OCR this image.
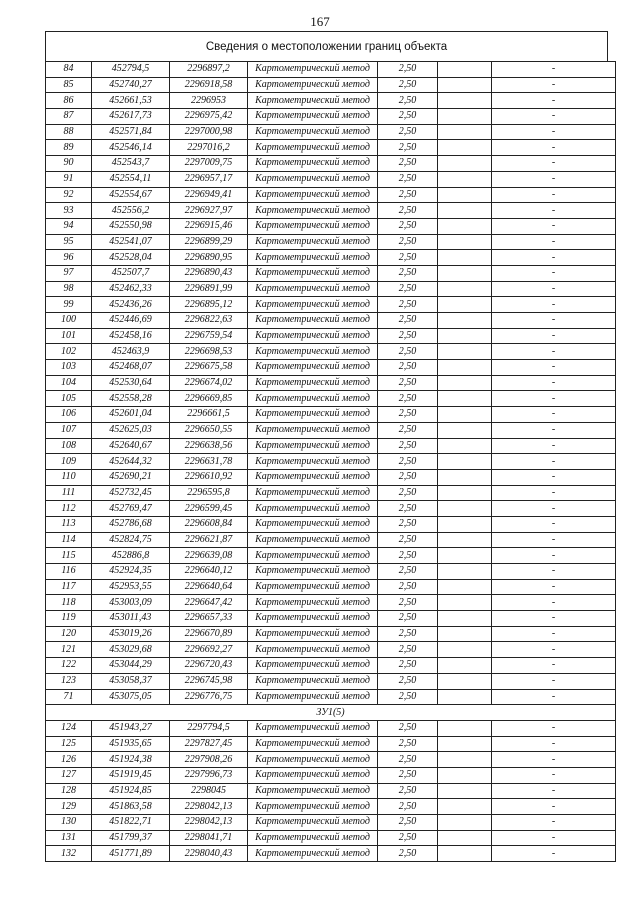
167
Сведения о местоположении границ объекта
84	452794,5	2296897,2	Картометрический метод	2,50		-
85	452740,27	2296918,58	Картометрический метод	2,50		-
86	452661,53	2296953	Картометрический метод	2,50		-
87	452617,73	2296975,42	Картометрический метод	2,50		-
88	452571,84	2297000,98	Картометрический метод	2,50		-
89	452546,14	2297016,2	Картометрический метод	2,50		-
90	452543,7	2297009,75	Картометрический метод	2,50		-
91	452554,11	2296957,17	Картометрический метод	2,50		-
92	452554,67	2296949,41	Картометрический метод	2,50		-
93	452556,2	2296927,97	Картометрический метод	2,50		-
94	452550,98	2296915,46	Картометрический метод	2,50		-
95	452541,07	2296899,29	Картометрический метод	2,50		-
96	452528,04	2296890,95	Картометрический метод	2,50		-
97	452507,7	2296890,43	Картометрический метод	2,50		-
98	452462,33	2296891,99	Картометрический метод	2,50		-
99	452436,26	2296895,12	Картометрический метод	2,50		-
100	452446,69	2296822,63	Картометрический метод	2,50		-
101	452458,16	2296759,54	Картометрический метод	2,50		-
102	452463,9	2296698,53	Картометрический метод	2,50		-
103	452468,07	2296675,58	Картометрический метод	2,50		-
104	452530,64	2296674,02	Картометрический метод	2,50		-
105	452558,28	2296669,85	Картометрический метод	2,50		-
106	452601,04	2296661,5	Картометрический метод	2,50		-
107	452625,03	2296650,55	Картометрический метод	2,50		-
108	452640,67	2296638,56	Картометрический метод	2,50		-
109	452644,32	2296631,78	Картометрический метод	2,50		-
110	452690,21	2296610,92	Картометрический метод	2,50		-
111	452732,45	2296595,8	Картометрический метод	2,50		-
112	452769,47	2296599,45	Картометрический метод	2,50		-
113	452786,68	2296608,84	Картометрический метод	2,50		-
114	452824,75	2296621,87	Картометрический метод	2,50		-
115	452886,8	2296639,08	Картометрический метод	2,50		-
116	452924,35	2296640,12	Картометрический метод	2,50		-
117	452953,55	2296640,64	Картометрический метод	2,50		-
118	453003,09	2296647,42	Картометрический метод	2,50		-
119	453011,43	2296657,33	Картометрический метод	2,50		-
120	453019,26	2296670,89	Картометрический метод	2,50		-
121	453029,68	2296692,27	Картометрический метод	2,50		-
122	453044,29	2296720,43	Картометрический метод	2,50		-
123	453058,37	2296745,98	Картометрический метод	2,50		-
71	453075,05	2296776,75	Картометрический метод	2,50		-
ЗУ1(5)						
124	451943,27	2297794,5	Картометрический метод	2,50		-
125	451935,65	2297827,45	Картометрический метод	2,50		-
126	451924,38	2297908,26	Картометрический метод	2,50		-
127	451919,45	2297996,73	Картометрический метод	2,50		-
128	451924,85	2298045	Картометрический метод	2,50		-
129	451863,58	2298042,13	Картометрический метод	2,50		-
130	451822,71	2298042,13	Картометрический метод	2,50		-
131	451799,37	2298041,71	Картометрический метод	2,50		-
132	451771,89	2298040,43	Картометрический метод	2,50		-
